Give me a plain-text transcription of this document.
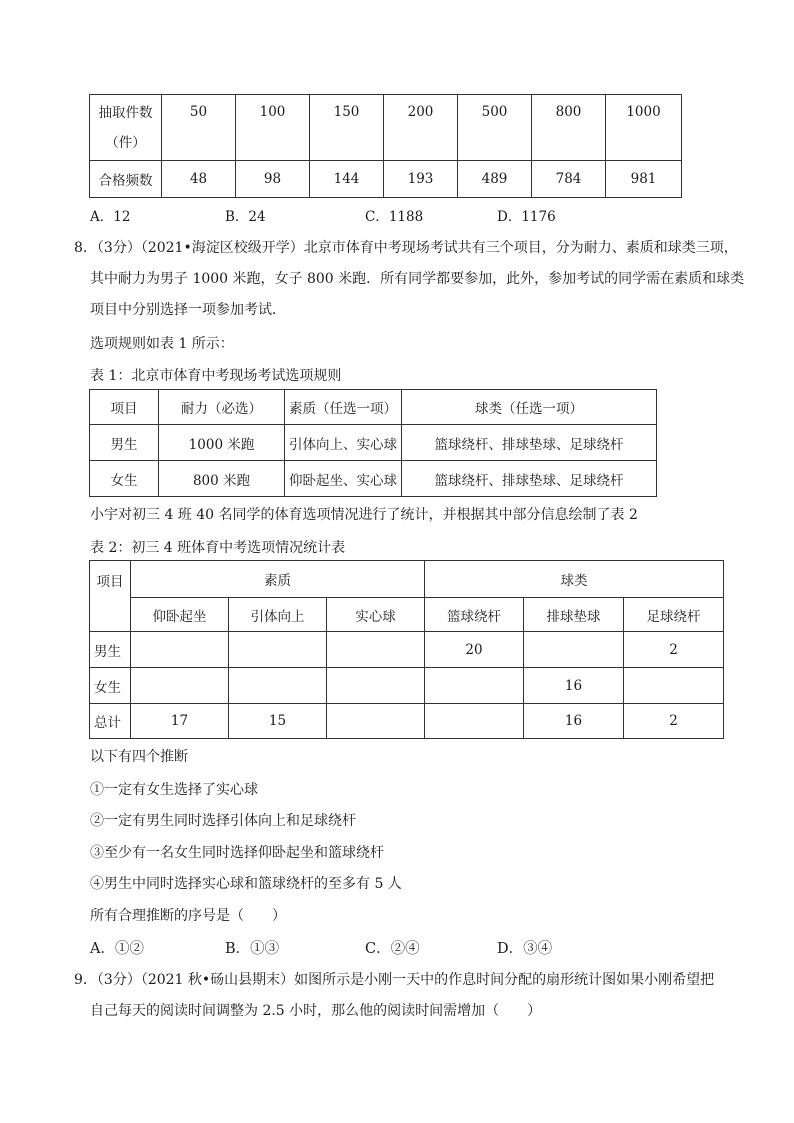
抽取件数
（件）	50	100	150	200	500	800	1000
合格频数	48	98	144	193	489	784	981
A．12	B．24	C．1188	D．1176
8．（3分）（2021•海淀区校级开学）北京市体育中考现场考试共有三个项目，分为耐力、素质和球类三项，
其中耐力为男子 1000 米跑，女子 800 米跑．所有同学都要参加，此外，参加考试的同学需在素质和球类
项目中分别选择一项参加考试．
选项规则如表 1 所示：
表 1：北京市体育中考现场考试选项规则
项目	耐力（必选）	素质（任选一项）	球类（任选一项）
男生	1000 米跑	引体向上、实心球	篮球绕杆、排球垫球、足球绕杆
女生	800 米跑	仰卧起坐、实心球	篮球绕杆、排球垫球、足球绕杆
小宇对初三 4 班 40 名同学的体育选项情况进行了统计，并根据其中部分信息绘制了表 2
表 2：初三 4 班体育中考选项情况统计表
项目	素质			球类		
	仰卧起坐	引体向上	实心球	篮球绕杆	排球垫球	足球绕杆
男生				20		2
女生					16	
总计	17	15			16	2
以下有四个推断
①一定有女生选择了实心球
②一定有男生同时选择引体向上和足球绕杆
③至少有一名女生同时选择仰卧起坐和篮球绕杆
④男生中同时选择实心球和篮球绕杆的至多有 5 人
所有合理推断的序号是（　　）
A．①②	B．①③	C．②④	D．③④
9．（3分）（2021 秋•砀山县期末）如图所示是小刚一天中的作息时间分配的扇形统计图如果小刚希望把
自己每天的阅读时间调整为 2.5 小时，那么他的阅读时间需增加（　　）
